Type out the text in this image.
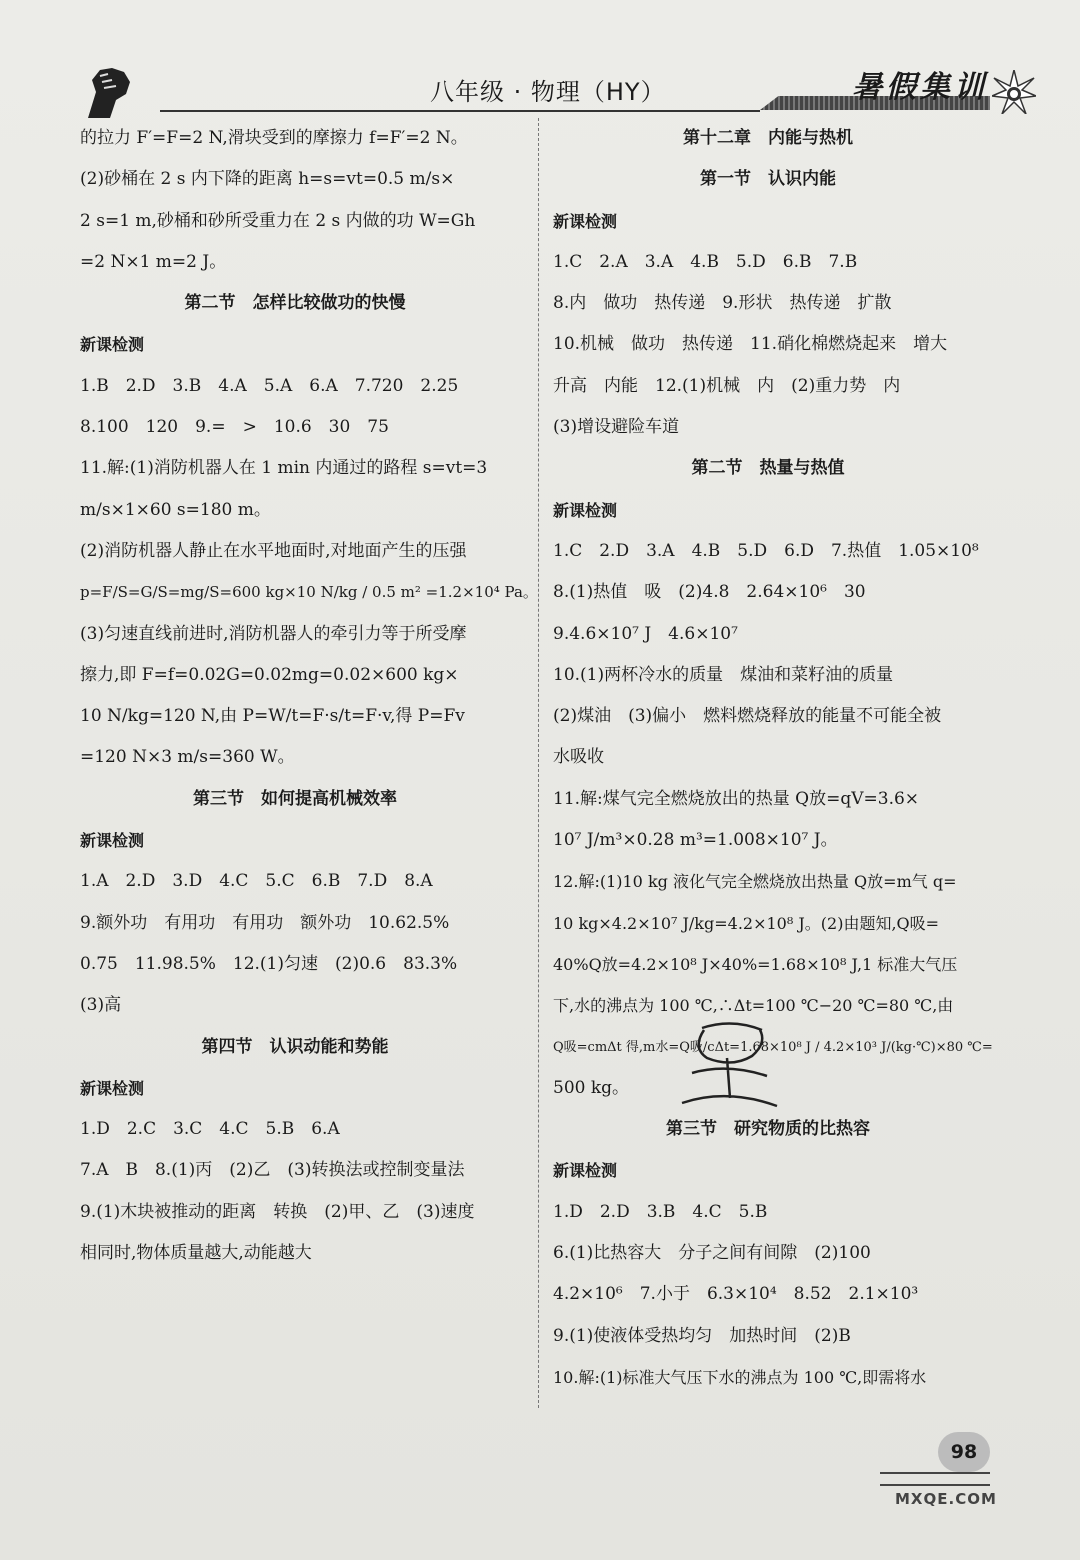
八年级 · 物理（HY）	暑假集训
的拉力 F′=F=2 N,滑块受到的摩擦力 f=F′=2 N。
(2)砂桶在 2 s 内下降的距离 h=s=vt=0.5 m/s×
2 s=1 m,砂桶和砂所受重力在 2 s 内做的功 W=Gh
=2 N×1 m=2 J。
第二节　怎样比较做功的快慢
新课检测
1.B　2.D　3.B　4.A　5.A　6.A　7.720　2.25
8.100　120　9.=　>　10.6　30　75
11.解:(1)消防机器人在 1 min 内通过的路程 s=vt=3
m/s×1×60 s=180 m。
(2)消防机器人静止在水平地面时,对地面产生的压强
p=F/S=G/S=mg/S=600 kg×10 N/kg / 0.5 m² =1.2×10⁴ Pa。
(3)匀速直线前进时,消防机器人的牵引力等于所受摩
擦力,即 F=f=0.02G=0.02mg=0.02×600 kg×
10 N/kg=120 N,由 P=W/t=F·s/t=F·v,得 P=Fv
=120 N×3 m/s=360 W。
第三节　如何提高机械效率
新课检测
1.A　2.D　3.D　4.C　5.C　6.B　7.D　8.A
9.额外功　有用功　有用功　额外功　10.62.5%
0.75　11.98.5%　12.(1)匀速　(2)0.6　83.3%
(3)高
第四节　认识动能和势能
新课检测
1.D　2.C　3.C　4.C　5.B　6.A
7.A　B　8.(1)丙　(2)乙　(3)转换法或控制变量法
9.(1)木块被推动的距离　转换　(2)甲、乙　(3)速度
相同时,物体质量越大,动能越大
第十二章　内能与热机
第一节　认识内能
新课检测
1.C　2.A　3.A　4.B　5.D　6.B　7.B
8.内　做功　热传递　9.形状　热传递　扩散
10.机械　做功　热传递　11.硝化棉燃烧起来　增大
升高　内能　12.(1)机械　内　(2)重力势　内
(3)增设避险车道
第二节　热量与热值
新课检测
1.C　2.D　3.A　4.B　5.D　6.D　7.热值　1.05×10⁸
8.(1)热值　吸　(2)4.8　2.64×10⁶　30
9.4.6×10⁷ J　4.6×10⁷
10.(1)两杯冷水的质量　煤油和菜籽油的质量
(2)煤油　(3)偏小　燃料燃烧释放的能量不可能全被
水吸收
11.解:煤气完全燃烧放出的热量 Q放=qV=3.6×
10⁷ J/m³×0.28 m³=1.008×10⁷ J。
12.解:(1)10 kg 液化气完全燃烧放出热量 Q放=m气 q=
10 kg×4.2×10⁷ J/kg=4.2×10⁸ J。(2)由题知,Q吸=
40%Q放=4.2×10⁸ J×40%=1.68×10⁸ J,1 标准大气压
下,水的沸点为 100 ℃,∴Δt=100 ℃−20 ℃=80 ℃,由
Q吸=cmΔt 得,m水=Q吸/cΔt=1.68×10⁸ J / 4.2×10³ J/(kg·℃)×80 ℃=
500 kg。
第三节　研究物质的比热容
新课检测
1.D　2.D　3.B　4.C　5.B
6.(1)比热容大　分子之间有间隙　(2)100
4.2×10⁶　7.小于　6.3×10⁴　8.52　2.1×10³
9.(1)使液体受热均匀　加热时间　(2)B
10.解:(1)标准大气压下水的沸点为 100 ℃,即需将水
98
MXQE.COM
